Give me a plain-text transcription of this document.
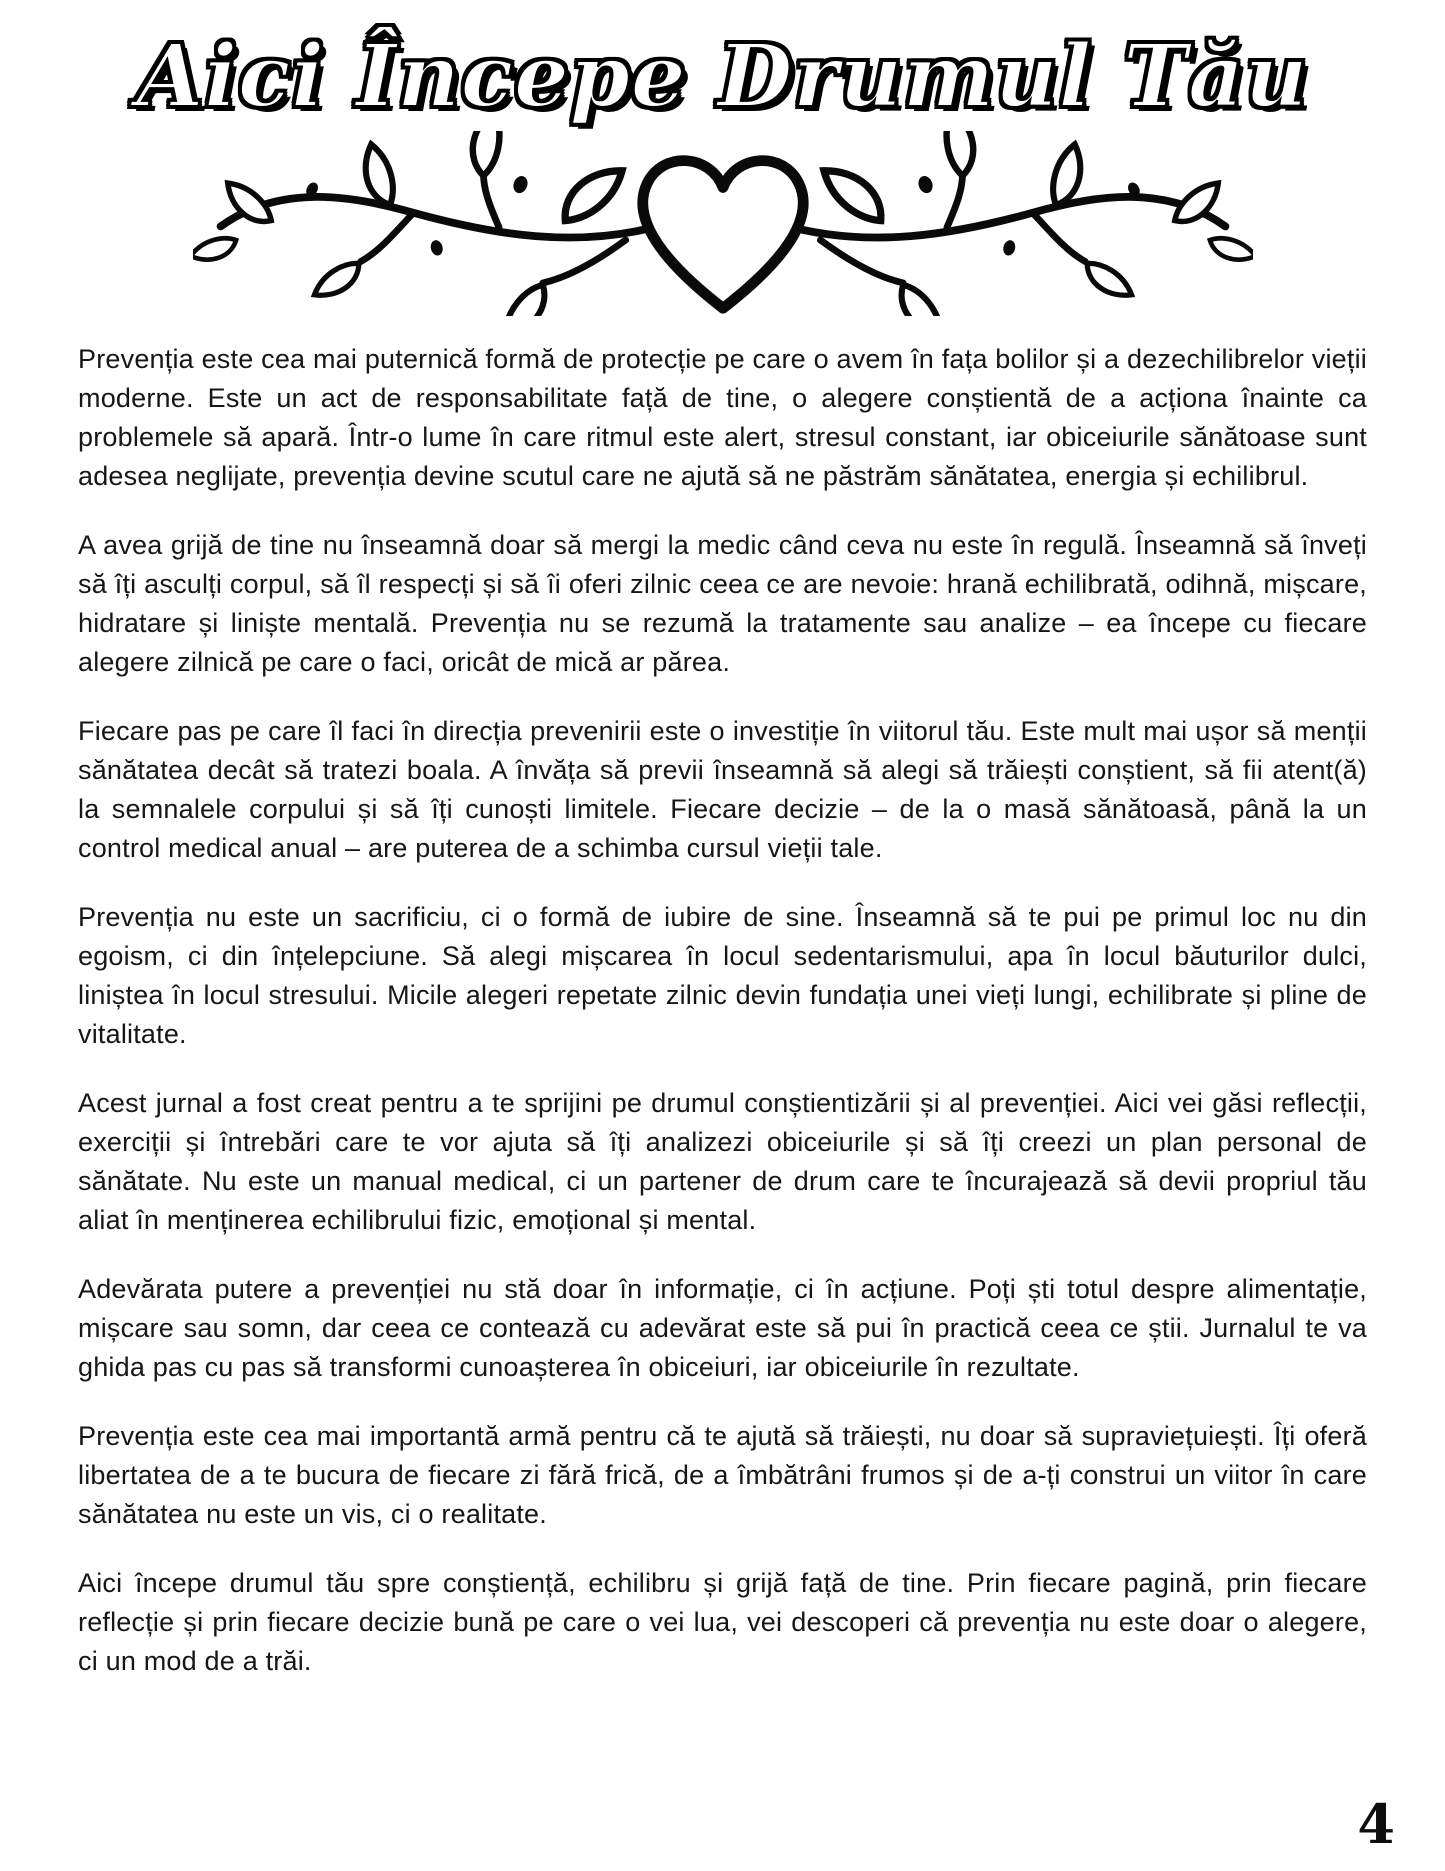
Aici Începe Drumul Tău

Prevenția este cea mai puternică formă de protecție pe care o avem în fața bolilor și a dezechilibrelor vieții moderne. Este un act de responsabilitate față de tine, o alegere conștientă de a acționa înainte ca problemele să apară. Într-o lume în care ritmul este alert, stresul constant, iar obiceiurile sănătoase sunt adesea neglijate, prevenția devine scutul care ne ajută să ne păstrăm sănătatea, energia și echilibrul.

A avea grijă de tine nu înseamnă doar să mergi la medic când ceva nu este în regulă. Înseamnă să înveți să îți asculți corpul, să îl respecți și să îi oferi zilnic ceea ce are nevoie: hrană echilibrată, odihnă, mișcare, hidratare și liniște mentală. Prevenția nu se rezumă la tratamente sau analize – ea începe cu fiecare alegere zilnică pe care o faci, oricât de mică ar părea.

Fiecare pas pe care îl faci în direcția prevenirii este o investiție în viitorul tău. Este mult mai ușor să menții sănătatea decât să tratezi boala. A învăța să previi înseamnă să alegi să trăiești conștient, să fii atent(ă) la semnalele corpului și să îți cunoști limitele. Fiecare decizie – de la o masă sănătoasă, până la un control medical anual – are puterea de a schimba cursul vieții tale.

Prevenția nu este un sacrificiu, ci o formă de iubire de sine. Înseamnă să te pui pe primul loc nu din egoism, ci din înțelepciune. Să alegi mișcarea în locul sedentarismului, apa în locul băuturilor dulci, liniștea în locul stresului. Micile alegeri repetate zilnic devin fundația unei vieți lungi, echilibrate și pline de vitalitate.

Acest jurnal a fost creat pentru a te sprijini pe drumul conștientizării și al prevenției. Aici vei găsi reflecții, exerciții și întrebări care te vor ajuta să îți analizezi obiceiurile și să îți creezi un plan personal de sănătate. Nu este un manual medical, ci un partener de drum care te încurajează să devii propriul tău aliat în menținerea echilibrului fizic, emoțional și mental.

Adevărata putere a prevenției nu stă doar în informație, ci în acțiune. Poți ști totul despre alimentație, mișcare sau somn, dar ceea ce contează cu adevărat este să pui în practică ceea ce știi. Jurnalul te va ghida pas cu pas să transformi cunoașterea în obiceiuri, iar obiceiurile în rezultate.

Prevenția este cea mai importantă armă pentru că te ajută să trăiești, nu doar să supraviețuiești. Îți oferă libertatea de a te bucura de fiecare zi fără frică, de a îmbătrâni frumos și de a-ți construi un viitor în care sănătatea nu este un vis, ci o realitate.

Aici începe drumul tău spre conștiență, echilibru și grijă față de tine. Prin fiecare pagină, prin fiecare reflecție și prin fiecare decizie bună pe care o vei lua, vei descoperi că prevenția nu este doar o alegere, ci un mod de a trăi.

4
